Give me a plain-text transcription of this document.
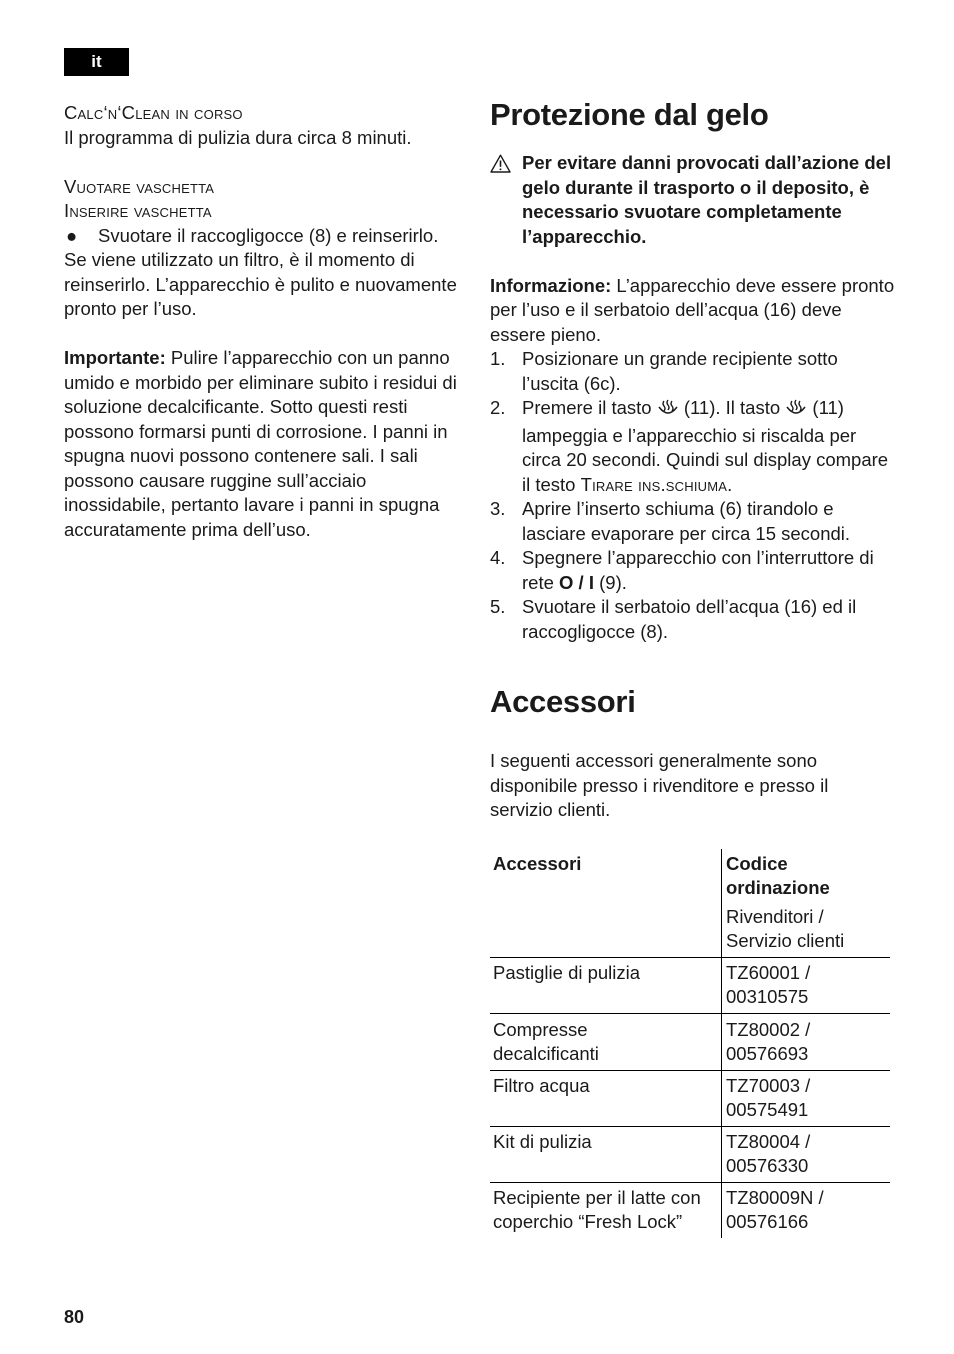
it

Calc‘n‘Clean in corso

Il programma di pulizia dura circa 8 minuti.

Vuotare vaschetta

Inserire vaschetta

●	Svuotare il raccogligocce (8) e reinserirlo.

Se viene utilizzato un filtro, è il momento di reinserirlo. L’apparecchio è pulito e nuovamente pronto per l’uso.

Importante: Pulire l’apparecchio con un panno umido e morbido per eliminare subito i residui di soluzione decalcificante. Sotto questi resti possono formarsi punti di corrosione. I panni in spugna nuovi possono contenere sali. I sali possono causare ruggine sull’acciaio inossidabile, pertanto lavare i panni in spugna accuratamente prima dell’uso.

Protezione dal gelo
Per evitare danni provocati dall’azione del gelo durante il trasporto o il deposito, è necessario svuotare completamente l’apparecchio.

Informazione: L’apparecchio deve essere pronto per l’uso e il serbatoio dell’acqua (16) deve essere pieno.

1. Posizionare un grande recipiente sotto l’uscita (6c).
2. Premere il tasto  (11). Il tasto  (11) lampeggia e l’apparecchio si riscalda per circa 20 secondi. Quindi sul display compare il testo Tirare ins.schiuma.
3. Aprire l’inserto schiuma (6) tirandolo e lasciare evaporare per circa 15 secondi.
4. Spegnere l’apparecchio con l’interruttore di rete O / I (9).
5. Svuotare il serbatoio dell’acqua (16) ed il raccogligocce (8).
Accessori

I seguenti accessori generalmente sono disponibile presso i rivenditore e presso il servizio clienti.

Accessori	Codice ordinazione
Rivenditori / Servizio clienti

Pastiglie di pulizia	TZ60001 / 00310575
Compresse decalcificanti	TZ80002 / 00576693
Filtro acqua	TZ70003 / 00575491
Kit di pulizia	TZ80004 / 00576330
Recipiente per il latte con coperchio “Fresh Lock”	TZ80009N / 00576166
80
